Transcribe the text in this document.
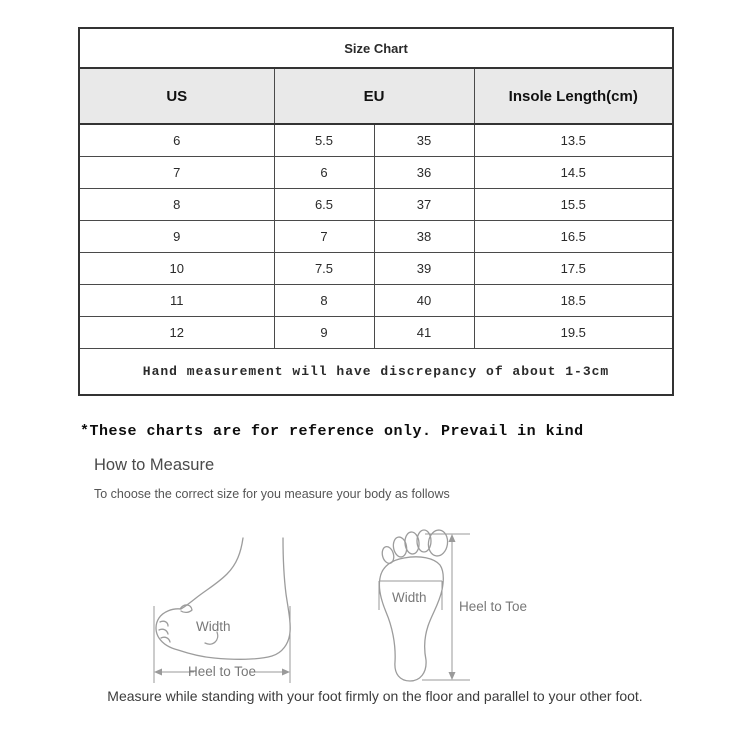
Size Chart			
US	EU		Insole Length(cm)
6	5.5	35	13.5
7	6	36	14.5
8	6.5	37	15.5
9	7	38	16.5
10	7.5	39	17.5
11	8	40	18.5
12	9	41	19.5
Hand measurement will have discrepancy of about 1-3cm			
*These charts are for reference only. Prevail in kind
How to Measure
To choose the correct size for you measure your body as follows
Width
Heel to Toe
Width
Heel to Toe
Measure while standing with your foot firmly on the floor and parallel to your other foot.
